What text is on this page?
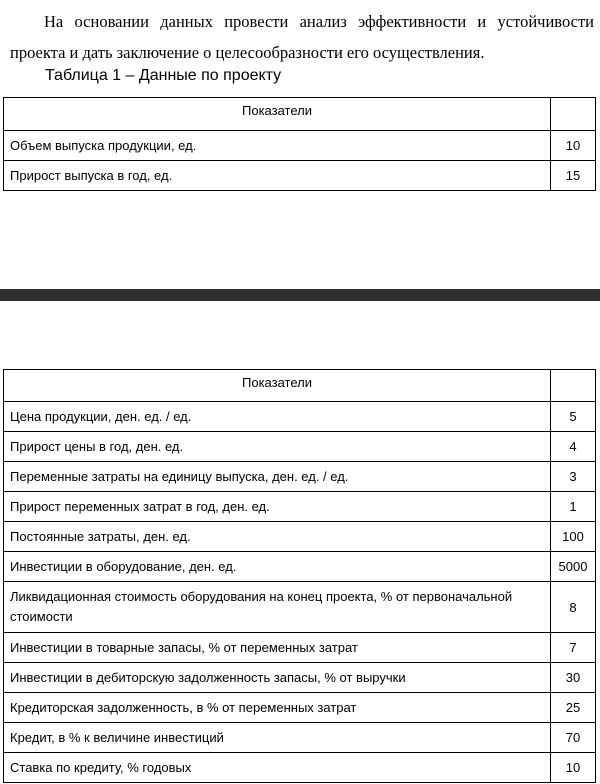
На основании данных провести анализ эффективности и устойчивости проекта и дать заключение о целесообразности его осуществления.

Таблица 1 – Данные по проекту

Показатели	
Объем выпуска продукции, ед.	10
Прирост выпуска в год, ед.	15
Показатели	
Цена продукции, ден. ед. / ед.	5
Прирост цены в год, ден. ед.	4
Переменные затраты на единицу выпуска, ден. ед. / ед.	3
Прирост переменных затрат в год, ден. ед.	1
Постоянные затраты, ден. ед.	100
Инвестиции в оборудование, ден. ед.	5000
Ликвидационная стоимость оборудования на конец проекта, % от первоначальной стоимости	8
Инвестиции в товарные запасы, % от переменных затрат	7
Инвестиции в дебиторскую задолженность запасы, % от выручки	30
Кредиторская задолженность, в % от переменных затрат	25
Кредит, в % к величине инвестиций	70
Ставка по кредиту, % годовых	10
